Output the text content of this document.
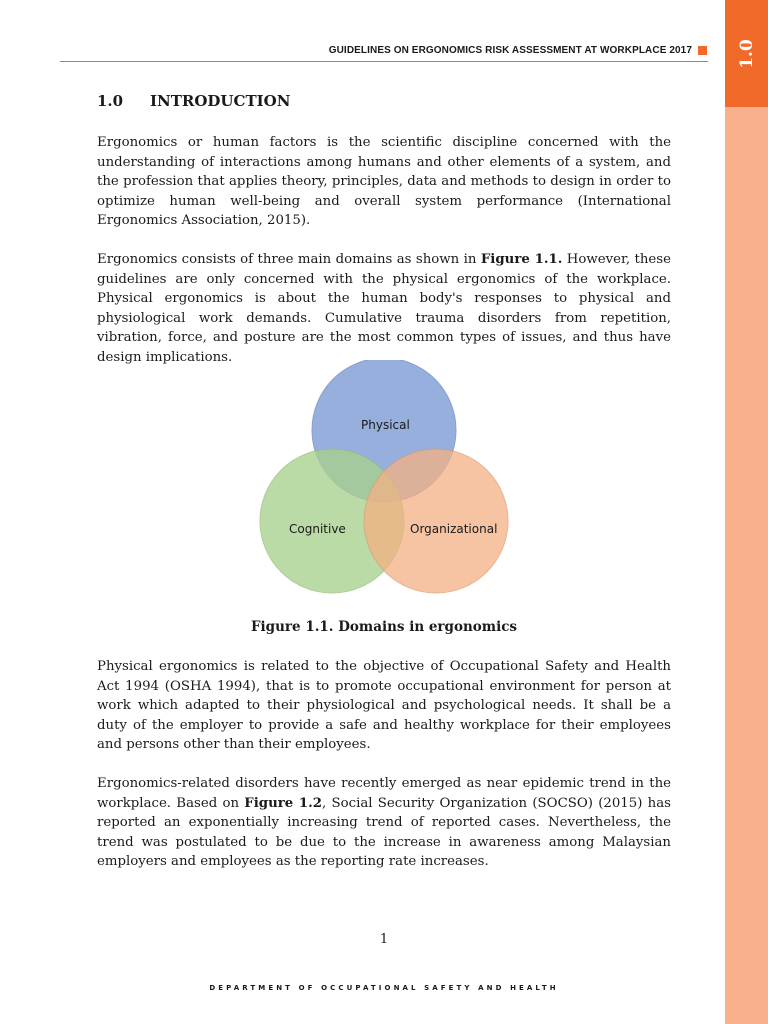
1.0
GUIDELINES ON ERGONOMICS RISK ASSESSMENT AT WORKPLACE 2017
1.0 INTRODUCTION
Ergonomics or human factors is the scientific discipline concerned with the understanding of interactions among humans and other elements of a system, and the profession that applies theory, principles, data and methods to design in order to optimize human well-being and overall system performance (International Ergonomics Association, 2015).
Ergonomics consists of three main domains as shown in Figure 1.1. However, these guidelines are only concerned with the physical ergonomics of the workplace. Physical ergonomics is about the human body's responses to physical and physiological work demands. Cumulative trauma disorders from repetition, vibration, force, and posture are the most common types of issues, and thus have design implications.
Physical
Cognitive	Organizational
Figure 1.1. Domains in ergonomics
Physical ergonomics is related to the objective of Occupational Safety and Health Act 1994 (OSHA 1994), that is to promote occupational environment for person at work which adapted to their physiological and psychological needs. It shall be a duty of the employer to provide a safe and healthy workplace for their employees and persons other than their employees.
Ergonomics-related disorders have recently emerged as near epidemic trend in the workplace. Based on Figure 1.2, Social Security Organization (SOCSO) (2015) has reported an exponentially increasing trend of reported cases. Nevertheless, the trend was postulated to be due to the increase in awareness among Malaysian employers and employees as the reporting rate increases.
1
DEPARTMENT OF OCCUPATIONAL SAFETY AND HEALTH
